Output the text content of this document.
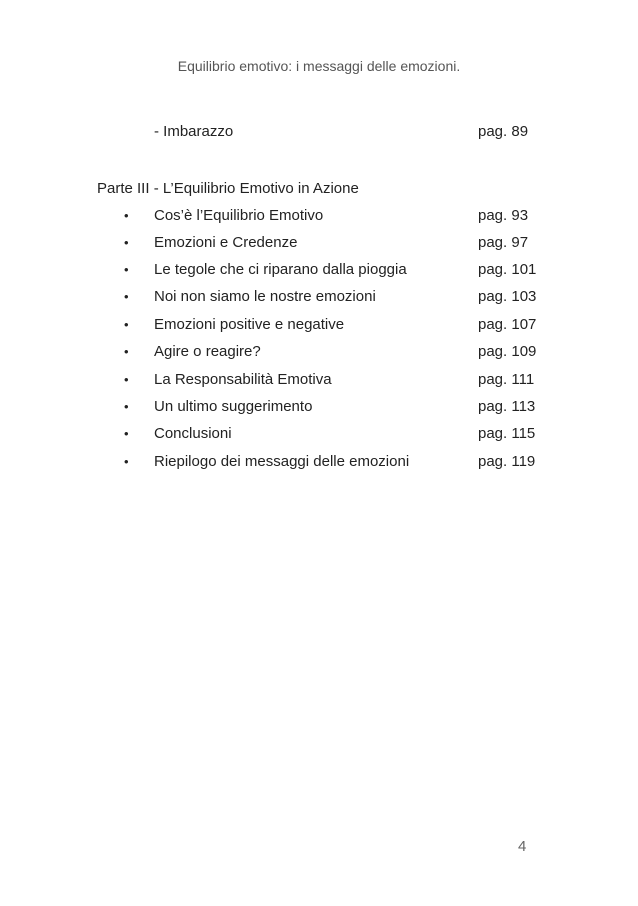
Equilibrio emotivo: i messaggi delle emozioni.
- Imbarazzo	pag. 89
Parte III - L’Equilibrio Emotivo in Azione
• Cos’è l’Equilibrio Emotivo	pag. 93
• Emozioni e Credenze	pag. 97
• Le tegole che ci riparano dalla pioggia	pag. 101
• Noi non siamo le nostre emozioni	pag. 103
• Emozioni positive e negative	pag. 107
• Agire o reagire?	pag. 109
• La Responsabilità Emotiva	pag. 111
• Un ultimo suggerimento	pag. 113
• Conclusioni	pag. 115
• Riepilogo dei messaggi delle emozioni	pag. 119
4
